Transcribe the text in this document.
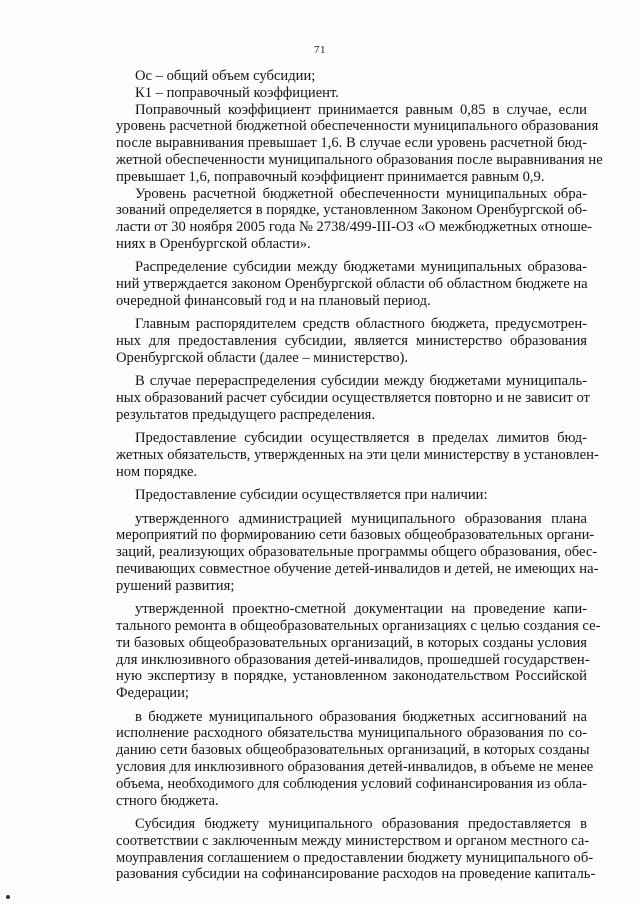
71
Ос – общий объем субсидии;
К1 – поправочный коэффициент.
Поправочный коэффициент принимается равным 0,85 в случае, если
уровень расчетной бюджетной обеспеченности муниципального образования
после выравнивания превышает 1,6. В случае если уровень расчетной бюд-
жетной обеспеченности муниципального образования после выравнивания не
превышает 1,6, поправочный коэффициент принимается равным 0,9.
Уровень расчетной бюджетной обеспеченности муниципальных обра-
зований определяется в порядке, установленном Законом Оренбургской об-
ласти от 30 ноября 2005 года № 2738/499-III-ОЗ «О межбюджетных отноше-
ниях в Оренбургской области».
Распределение субсидии между бюджетами муниципальных образова-
ний утверждается законом Оренбургской области об областном бюджете на
очередной финансовый год и на плановый период.
Главным распорядителем средств областного бюджета, предусмотрен-
ных для предоставления субсидии, является министерство образования
Оренбургской области (далее – министерство).
В случае перераспределения субсидии между бюджетами муниципаль-
ных образований расчет субсидии осуществляется повторно и не зависит от
результатов предыдущего распределения.
Предоставление субсидии осуществляется в пределах лимитов бюд-
жетных обязательств, утвержденных на эти цели министерству в установлен-
ном порядке.
Предоставление субсидии осуществляется при наличии:
утвержденного администрацией муниципального образования плана
мероприятий по формированию сети базовых общеобразовательных органи-
заций, реализующих образовательные программы общего образования, обес-
печивающих совместное обучение детей-инвалидов и детей, не имеющих на-
рушений развития;
утвержденной проектно-сметной документации на проведение капи-
тального ремонта в общеобразовательных организациях с целью создания се-
ти базовых общеобразовательных организаций, в которых созданы условия
для инклюзивного образования детей-инвалидов, прошедшей государствен-
ную экспертизу в порядке, установленном законодательством Российской
Федерации;
в бюджете муниципального образования бюджетных ассигнований на
исполнение расходного обязательства муниципального образования по со-
данию сети базовых общеобразовательных организаций, в которых созданы
условия для инклюзивного образования детей-инвалидов, в объеме не менее
объема, необходимого для соблюдения условий софинансирования из обла-
стного бюджета.
Субсидия бюджету муниципального образования предоставляется в
соответствии с заключенным между министерством и органом местного са-
моуправления соглашением о предоставлении бюджету муниципального об-
разования субсидии на софинансирование расходов на проведение капиталь-
